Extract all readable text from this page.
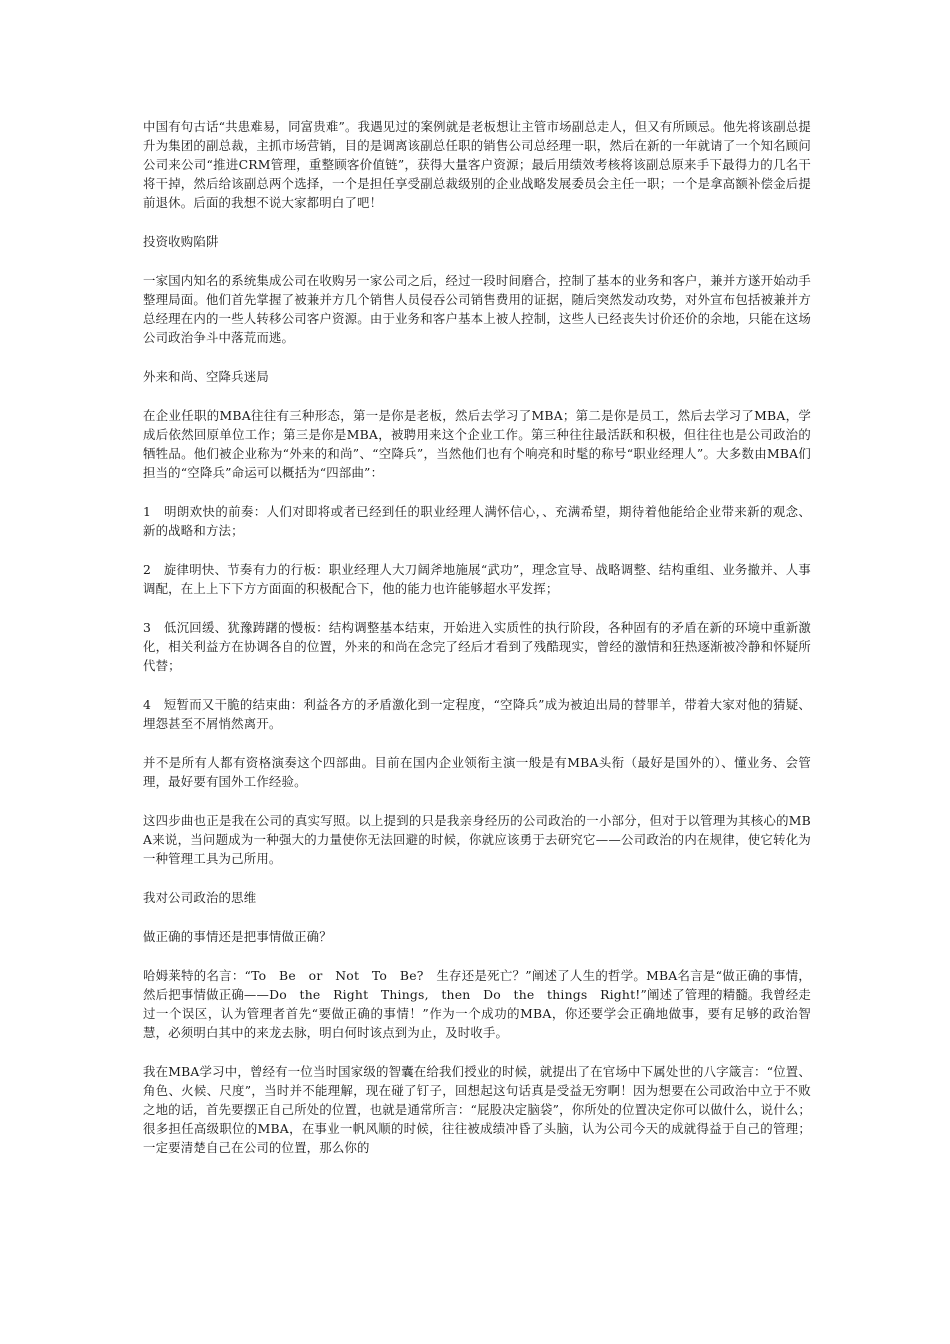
中国有句古话“共患难易，同富贵难”。我遇见过的案例就是老板想让主管市场副总走人，但又有所顾忌。他先将该副总提升为集团的副总裁，主抓市场营销，目的是调离该副总任职的销售公司总经理一职，然后在新的一年就请了一个知名顾问公司来公司“推进CRM管理，重整顾客价值链”，获得大量客户资源；最后用绩效考核将该副总原来手下最得力的几名干将干掉，然后给该副总两个选择，一个是担任享受副总裁级别的企业战略发展委员会主任一职；一个是拿高额补偿金后提前退休。后面的我想不说大家都明白了吧！

投资收购陷阱

一家国内知名的系统集成公司在收购另一家公司之后，经过一段时间磨合，控制了基本的业务和客户，兼并方遂开始动手整理局面。他们首先掌握了被兼并方几个销售人员侵吞公司销售费用的证据，随后突然发动攻势，对外宣布包括被兼并方总经理在内的一些人转移公司客户资源。由于业务和客户基本上被人控制，这些人已经丧失讨价还价的余地，只能在这场公司政治争斗中落荒而逃。

外来和尚、空降兵迷局

在企业任职的MBA往往有三种形态，第一是你是老板，然后去学习了MBA；第二是你是员工，然后去学习了MBA，学成后依然回原单位工作；第三是你是MBA，被聘用来这个企业工作。第三种往往最活跃和积极，但往往也是公司政治的牺牲品。他们被企业称为“外来的和尚”、“空降兵”，当然他们也有个响亮和时髦的称号“职业经理人”。大多数由MBA们担当的“空降兵”命运可以概括为“四部曲”：

1　明朗欢快的前奏：人们对即将或者已经到任的职业经理人满怀信心，、充满希望，期待着他能给企业带来新的观念、新的战略和方法；

2　旋律明快、节奏有力的行板：职业经理人大刀阔斧地施展“武功”，理念宣导、战略调整、结构重组、业务撤并、人事调配，在上上下下方方面面的积极配合下，他的能力也许能够超水平发挥；

3　低沉回缓、犹豫踌躇的慢板：结构调整基本结束，开始进入实质性的执行阶段，各种固有的矛盾在新的环境中重新激化，相关利益方在协调各自的位置，外来的和尚在念完了经后才看到了残酷现实，曾经的激情和狂热逐渐被冷静和怀疑所代替；

4　短暂而又干脆的结束曲：利益各方的矛盾激化到一定程度，“空降兵”成为被迫出局的替罪羊，带着大家对他的猜疑、埋怨甚至不屑悄然离开。

并不是所有人都有资格演奏这个四部曲。目前在国内企业领衔主演一般是有MBA头衔（最好是国外的）、懂业务、会管理，最好要有国外工作经验。

这四步曲也正是我在公司的真实写照。以上提到的只是我亲身经历的公司政治的一小部分，但对于以管理为其核心的MBA来说，当问题成为一种强大的力量使你无法回避的时候，你就应该勇于去研究它——公司政治的内在规律，使它转化为一种管理工具为己所用。

我对公司政治的思维

做正确的事情还是把事情做正确？

哈姆莱特的名言：“To　Be　or　Not　To　Be?　生存还是死亡？”阐述了人生的哲学。MBA名言是“做正确的事情，然后把事情做正确——Do　the　Right　Things,　then　Do　the　things　Right!”阐述了管理的精髓。我曾经走过一个误区，认为管理者首先“要做正确的事情！”作为一个成功的MBA，你还要学会正确地做事，要有足够的政治智慧，必须明白其中的来龙去脉，明白何时该点到为止，及时收手。

我在MBA学习中，曾经有一位当时国家级的智囊在给我们授业的时候，就提出了在官场中下属处世的八字箴言：“位置、角色、火候、尺度”，当时并不能理解，现在碰了钉子，回想起这句话真是受益无穷啊！因为想要在公司政治中立于不败之地的话，首先要摆正自己所处的位置，也就是通常所言：“屁股决定脑袋”，你所处的位置决定你可以做什么，说什么；很多担任高级职位的MBA，在事业一帆风顺的时候，往往被成绩冲昏了头脑，认为公司今天的成就得益于自己的管理；一定要清楚自己在公司的位置，那么你的
